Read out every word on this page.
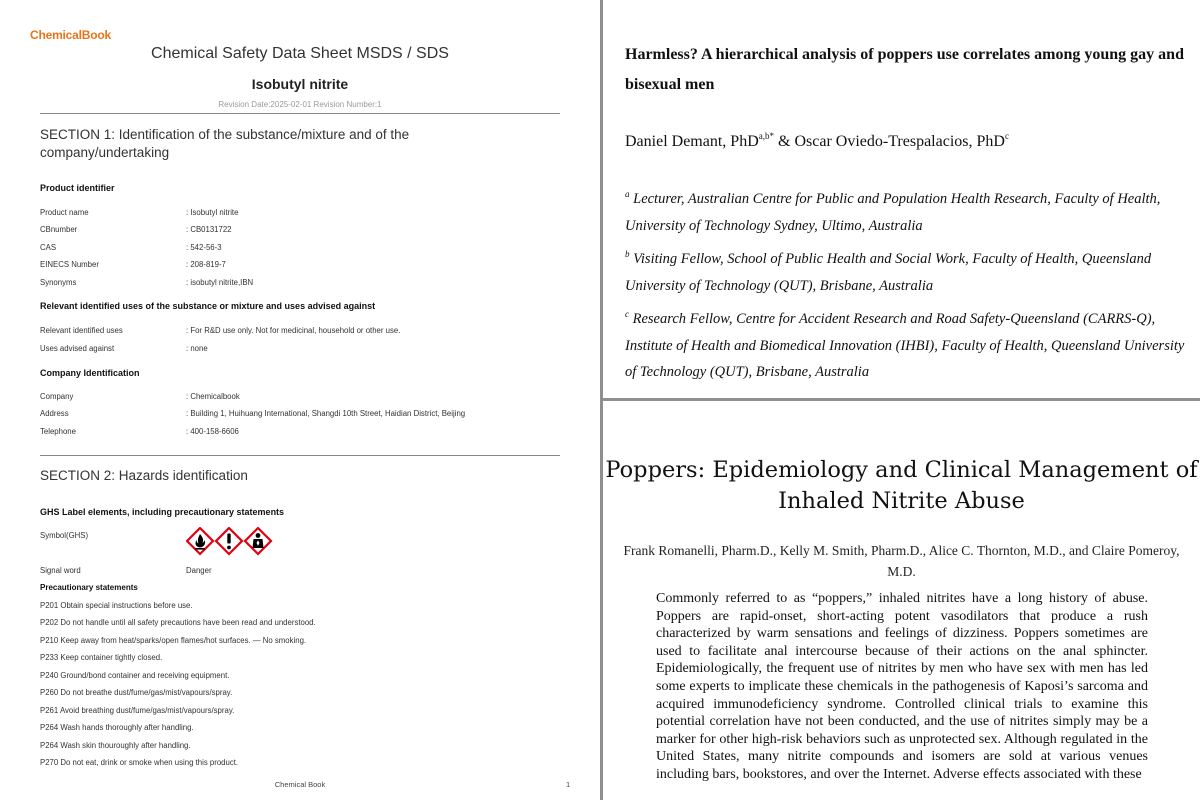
ChemicalBook
Chemical Safety Data Sheet MSDS / SDS
Isobutyl nitrite
Revision Date:2025-02-01 Revision Number:1
SECTION 1: Identification of the substance/mixture and of the company/undertaking
Product identifier
Product name	: Isobutyl nitrite
CBnumber	: CB0131722
CAS	: 542-56-3
EINECS Number	: 208-819-7
Synonyms	: isobutyl nitrite,IBN
Relevant identified uses of the substance or mixture and uses advised against
Relevant identified uses	: For R&D use only. Not for medicinal, household or other use.
Uses advised against	: none
Company Identification
Company	: Chemicalbook
Address	: Building 1, Huihuang International, Shangdi 10th Street, Haidian District, Beijing
Telephone	: 400-158-6606
SECTION 2: Hazards identification
GHS Label elements, including precautionary statements
Symbol(GHS)
Signal word	Danger
Precautionary statements
P201 Obtain special instructions before use.
P202 Do not handle until all safety precautions have been read and understood.
P210 Keep away from heat/sparks/open flames/hot surfaces. — No smoking.
P233 Keep container tightly closed.
P240 Ground/bond container and receiving equipment.
P260 Do not breathe dust/fume/gas/mist/vapours/spray.
P261 Avoid breathing dust/fume/gas/mist/vapours/spray.
P264 Wash hands thoroughly after handling.
P264 Wash skin thouroughly after handling.
P270 Do not eat, drink or smoke when using this product.
Chemical Book	1
Harmless? A hierarchical analysis of poppers use correlates among young gay and bisexual men
Daniel Demant, PhD$^{a,b*}$ & Oscar Oviedo-Trespalacios, PhD$^c$
$^a$ Lecturer, Australian Centre for Public and Population Health Research, Faculty of Health, University of Technology Sydney, Ultimo, Australia
$^b$ Visiting Fellow, School of Public Health and Social Work, Faculty of Health, Queensland University of Technology (QUT), Brisbane, Australia
$^c$ Research Fellow, Centre for Accident Research and Road Safety-Queensland (CARRS-Q), Institute of Health and Biomedical Innovation (IHBI), Faculty of Health, Queensland University of Technology (QUT), Brisbane, Australia
Poppers: Epidemiology and Clinical Management of Inhaled Nitrite Abuse
Frank Romanelli, Pharm.D., Kelly M. Smith, Pharm.D., Alice C. Thornton, M.D., and Claire Pomeroy, M.D.
Commonly referred to as “poppers,” inhaled nitrites have a long history of abuse. Poppers are rapid-onset, short-acting potent vasodilators that produce a rush characterized by warm sensations and feelings of dizziness. Poppers sometimes are used to facilitate anal intercourse because of their actions on the anal sphincter. Epidemiologically, the frequent use of nitrites by men who have sex with men has led some experts to implicate these chemicals in the pathogenesis of Kaposi’s sarcoma and acquired immunodeficiency syndrome. Controlled clinical trials to examine this potential correlation have not been conducted, and the use of nitrites simply may be a marker for other high-risk behaviors such as unprotected sex. Although regulated in the United States, many nitrite compounds and isomers are sold at various venues including bars, bookstores, and over the Internet. Adverse effects associated with these
